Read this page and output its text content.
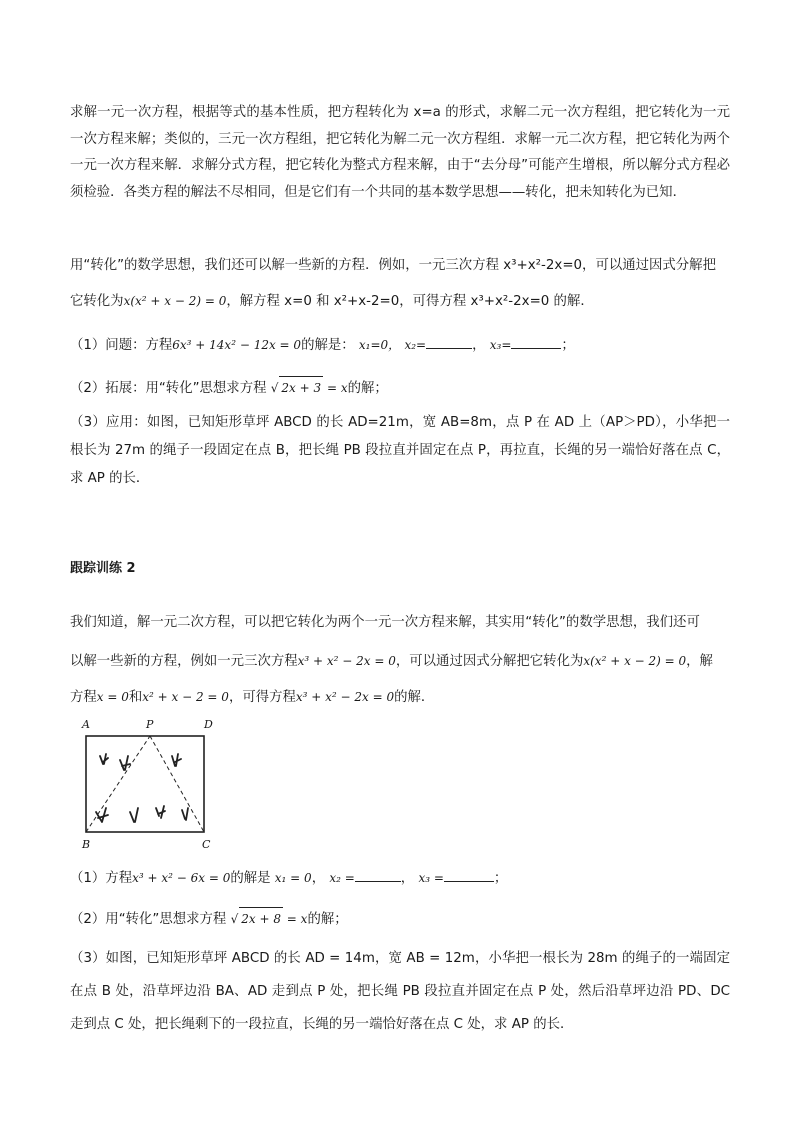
求解一元一次方程，根据等式的基本性质，把方程转化为 x=a 的形式，求解二元一次方程组，把它转化为一元一次方程来解；类似的，三元一次方程组，把它转化为解二元一次方程组．求解一元二次方程，把它转化为两个一元一次方程来解．求解分式方程，把它转化为整式方程来解，由于“去分母”可能产生增根，所以解分式方程必须检验．各类方程的解法不尽相同，但是它们有一个共同的基本数学思想——转化，把未知转化为已知．
用“转化”的数学思想，我们还可以解一些新的方程．例如，一元三次方程 x³+x²-2x=0，可以通过因式分解把
它转化为x(x² + x − 2) = 0，解方程 x=0 和 x²+x-2=0，可得方程 x³+x²-2x=0 的解．
（1）问题：方程6x³ + 14x² − 12x = 0的解是： x₁=0， x₂=	， x₃=	；
（2）拓展：用“转化”思想求方程 √ 2x + 3 = x的解；
（3）应用：如图，已知矩形草坪 ABCD 的长 AD=21m，宽 AB=8m，点 P 在 AD 上（AP＞PD），小华把一根长为 27m 的绳子一段固定在点 B，把长绳 PB 段拉直并固定在点 P，再拉直，长绳的另一端恰好落在点 C，求 AP 的长．
跟踪训练 2
我们知道，解一元二次方程，可以把它转化为两个一元一次方程来解，其实用“转化”的数学思想，我们还可
以解一些新的方程，例如一元三次方程x³ + x² − 2x = 0，可以通过因式分解把它转化为x(x² + x − 2) = 0，解
方程x = 0和x² + x − 2 = 0，可得方程x³ + x² − 2x = 0的解．
A	P	D
B	C
（1）方程x³ + x² − 6x = 0的解是 x₁ = 0， x₂ =	， x₃ =	；
（2）用“转化”思想求方程 √ 2x + 8 = x的解；
（3）如图，已知矩形草坪 ABCD 的长 AD = 14m，宽 AB = 12m，小华把一根长为 28m 的绳子的一端固定在点 B 处，沿草坪边沿 BA、AD 走到点 P 处，把长绳 PB 段拉直并固定在点 P 处，然后沿草坪边沿 PD、DC 走到点 C 处，把长绳剩下的一段拉直，长绳的另一端恰好落在点 C 处，求 AP 的长．
